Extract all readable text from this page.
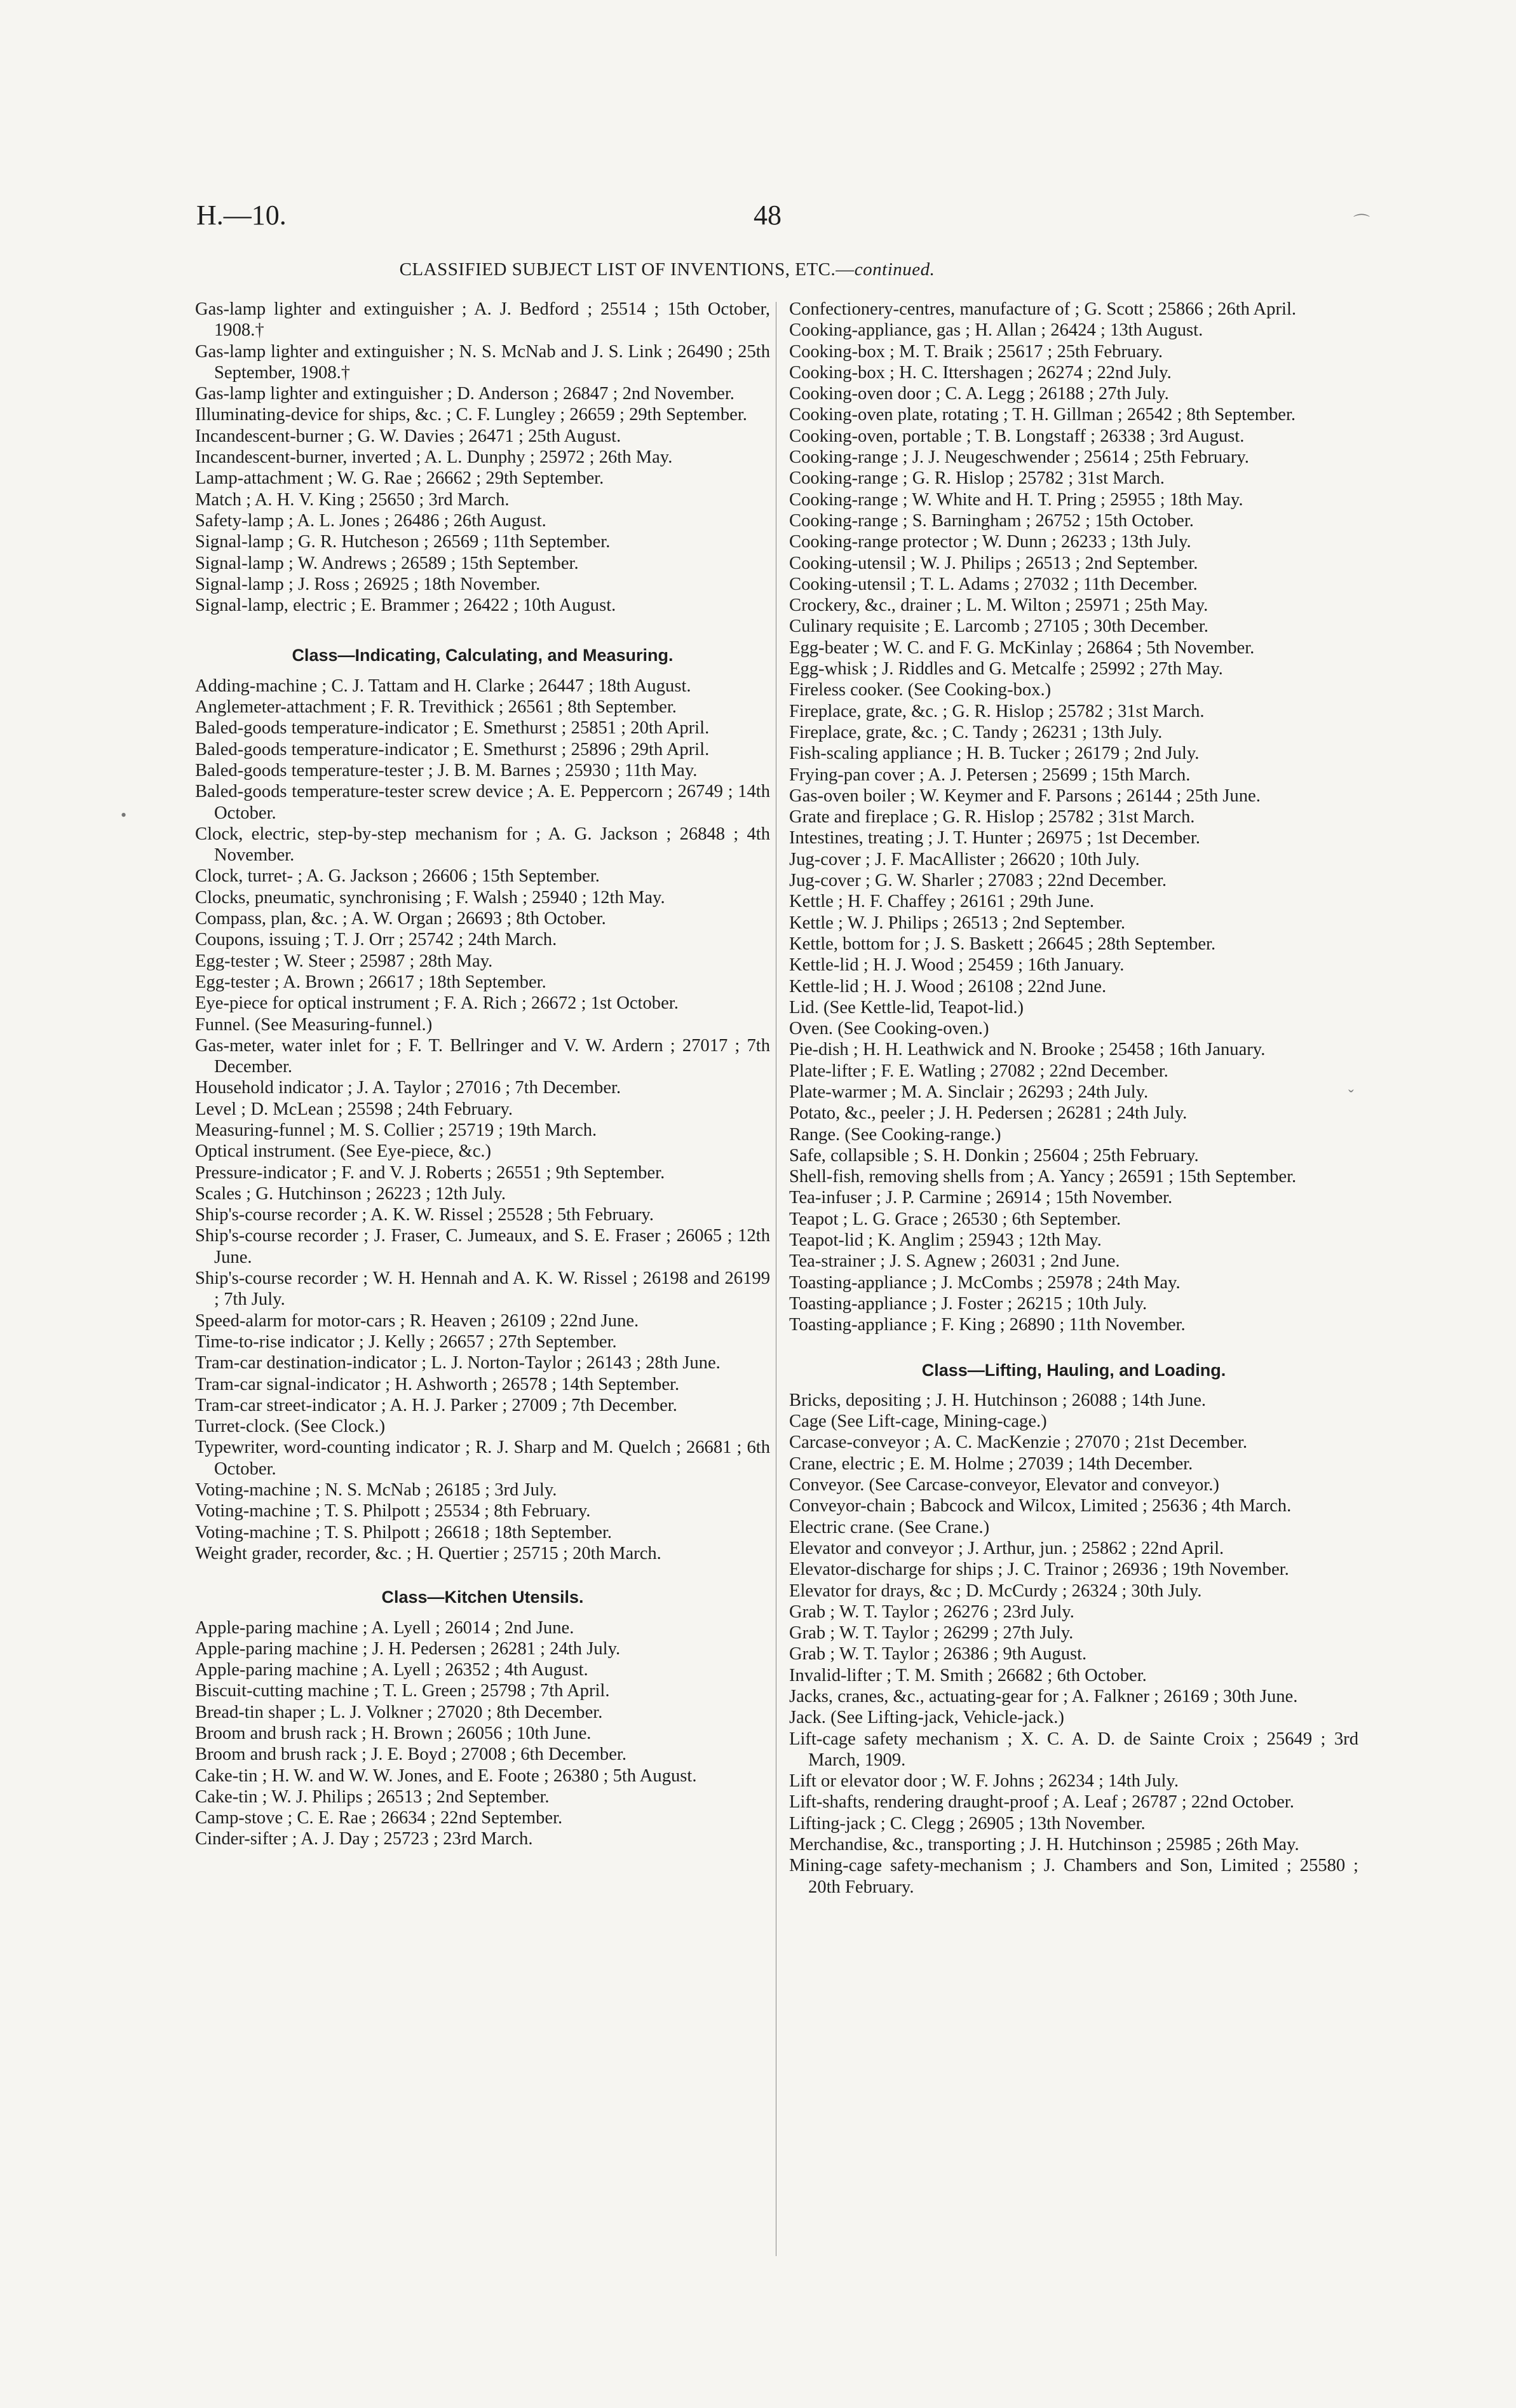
H.—10.	48
CLASSIFIED SUBJECT LIST OF INVENTIONS, ETC.—continued.
⌒
ˇ
•
Gas-lamp lighter and extinguisher ; A. J. Bedford ; 25514 ; 15th October, 1908.†
Gas-lamp lighter and extinguisher ; N. S. McNab and J. S. Link ; 26490 ; 25th September, 1908.†
Gas-lamp lighter and extinguisher ; D. Anderson ; 26847 ; 2nd November.
Illuminating-device for ships, &c. ; C. F. Lungley ; 26659 ; 29th September.
Incandescent-burner ; G. W. Davies ; 26471 ; 25th August.
Incandescent-burner, inverted ; A. L. Dunphy ; 25972 ; 26th May.
Lamp-attachment ; W. G. Rae ; 26662 ; 29th September.
Match ; A. H. V. King ; 25650 ; 3rd March.
Safety-lamp ; A. L. Jones ; 26486 ; 26th August.
Signal-lamp ; G. R. Hutcheson ; 26569 ; 11th September.
Signal-lamp ; W. Andrews ; 26589 ; 15th September.
Signal-lamp ; J. Ross ; 26925 ; 18th November.
Signal-lamp, electric ; E. Brammer ; 26422 ; 10th August.
Class—Indicating, Calculating, and Measuring.
Adding-machine ; C. J. Tattam and H. Clarke ; 26447 ; 18th August.
Anglemeter-attachment ; F. R. Trevithick ; 26561 ; 8th September.
Baled-goods temperature-indicator ; E. Smethurst ; 25851 ; 20th April.
Baled-goods temperature-indicator ; E. Smethurst ; 25896 ; 29th April.
Baled-goods temperature-tester ; J. B. M. Barnes ; 25930 ; 11th May.
Baled-goods temperature-tester screw device ; A. E. Peppercorn ; 26749 ; 14th October.
Clock, electric, step-by-step mechanism for ; A. G. Jackson ; 26848 ; 4th November.
Clock, turret- ; A. G. Jackson ; 26606 ; 15th September.
Clocks, pneumatic, synchronising ; F. Walsh ; 25940 ; 12th May.
Compass, plan, &c. ; A. W. Organ ; 26693 ; 8th October.
Coupons, issuing ; T. J. Orr ; 25742 ; 24th March.
Egg-tester ; W. Steer ; 25987 ; 28th May.
Egg-tester ; A. Brown ; 26617 ; 18th September.
Eye-piece for optical instrument ; F. A. Rich ; 26672 ; 1st October.
Funnel. (See Measuring-funnel.)
Gas-meter, water inlet for ; F. T. Bellringer and V. W. Ardern ; 27017 ; 7th December.
Household indicator ; J. A. Taylor ; 27016 ; 7th December.
Level ; D. McLean ; 25598 ; 24th February.
Measuring-funnel ; M. S. Collier ; 25719 ; 19th March.
Optical instrument. (See Eye-piece, &c.)
Pressure-indicator ; F. and V. J. Roberts ; 26551 ; 9th September.
Scales ; G. Hutchinson ; 26223 ; 12th July.
Ship's-course recorder ; A. K. W. Rissel ; 25528 ; 5th February.
Ship's-course recorder ; J. Fraser, C. Jumeaux, and S. E. Fraser ; 26065 ; 12th June.
Ship's-course recorder ; W. H. Hennah and A. K. W. Rissel ; 26198 and 26199 ; 7th July.
Speed-alarm for motor-cars ; R. Heaven ; 26109 ; 22nd June.
Time-to-rise indicator ; J. Kelly ; 26657 ; 27th September.
Tram-car destination-indicator ; L. J. Norton-Taylor ; 26143 ; 28th June.
Tram-car signal-indicator ; H. Ashworth ; 26578 ; 14th September.
Tram-car street-indicator ; A. H. J. Parker ; 27009 ; 7th December.
Turret-clock. (See Clock.)
Typewriter, word-counting indicator ; R. J. Sharp and M. Quelch ; 26681 ; 6th October.
Voting-machine ; N. S. McNab ; 26185 ; 3rd July.
Voting-machine ; T. S. Philpott ; 25534 ; 8th February.
Voting-machine ; T. S. Philpott ; 26618 ; 18th September.
Weight grader, recorder, &c. ; H. Quertier ; 25715 ; 20th March.
Class—Kitchen Utensils.
Apple-paring machine ; A. Lyell ; 26014 ; 2nd June.
Apple-paring machine ; J. H. Pedersen ; 26281 ; 24th July.
Apple-paring machine ; A. Lyell ; 26352 ; 4th August.
Biscuit-cutting machine ; T. L. Green ; 25798 ; 7th April.
Bread-tin shaper ; L. J. Volkner ; 27020 ; 8th December.
Broom and brush rack ; H. Brown ; 26056 ; 10th June.
Broom and brush rack ; J. E. Boyd ; 27008 ; 6th December.
Cake-tin ; H. W. and W. W. Jones, and E. Foote ; 26380 ; 5th August.
Cake-tin ; W. J. Philips ; 26513 ; 2nd September.
Camp-stove ; C. E. Rae ; 26634 ; 22nd September.
Cinder-sifter ; A. J. Day ; 25723 ; 23rd March.
Confectionery-centres, manufacture of ; G. Scott ; 25866 ; 26th April.
Cooking-appliance, gas ; H. Allan ; 26424 ; 13th August.
Cooking-box ; M. T. Braik ; 25617 ; 25th February.
Cooking-box ; H. C. Ittershagen ; 26274 ; 22nd July.
Cooking-oven door ; C. A. Legg ; 26188 ; 27th July.
Cooking-oven plate, rotating ; T. H. Gillman ; 26542 ; 8th September.
Cooking-oven, portable ; T. B. Longstaff ; 26338 ; 3rd August.
Cooking-range ; J. J. Neugeschwender ; 25614 ; 25th February.
Cooking-range ; G. R. Hislop ; 25782 ; 31st March.
Cooking-range ; W. White and H. T. Pring ; 25955 ; 18th May.
Cooking-range ; S. Barningham ; 26752 ; 15th October.
Cooking-range protector ; W. Dunn ; 26233 ; 13th July.
Cooking-utensil ; W. J. Philips ; 26513 ; 2nd September.
Cooking-utensil ; T. L. Adams ; 27032 ; 11th December.
Crockery, &c., drainer ; L. M. Wilton ; 25971 ; 25th May.
Culinary requisite ; E. Larcomb ; 27105 ; 30th December.
Egg-beater ; W. C. and F. G. McKinlay ; 26864 ; 5th November.
Egg-whisk ; J. Riddles and G. Metcalfe ; 25992 ; 27th May.
Fireless cooker. (See Cooking-box.)
Fireplace, grate, &c. ; G. R. Hislop ; 25782 ; 31st March.
Fireplace, grate, &c. ; C. Tandy ; 26231 ; 13th July.
Fish-scaling appliance ; H. B. Tucker ; 26179 ; 2nd July.
Frying-pan cover ; A. J. Petersen ; 25699 ; 15th March.
Gas-oven boiler ; W. Keymer and F. Parsons ; 26144 ; 25th June.
Grate and fireplace ; G. R. Hislop ; 25782 ; 31st March.
Intestines, treating ; J. T. Hunter ; 26975 ; 1st December.
Jug-cover ; J. F. MacAllister ; 26620 ; 10th July.
Jug-cover ; G. W. Sharler ; 27083 ; 22nd December.
Kettle ; H. F. Chaffey ; 26161 ; 29th June.
Kettle ; W. J. Philips ; 26513 ; 2nd September.
Kettle, bottom for ; J. S. Baskett ; 26645 ; 28th September.
Kettle-lid ; H. J. Wood ; 25459 ; 16th January.
Kettle-lid ; H. J. Wood ; 26108 ; 22nd June.
Lid. (See Kettle-lid, Teapot-lid.)
Oven. (See Cooking-oven.)
Pie-dish ; H. H. Leathwick and N. Brooke ; 25458 ; 16th January.
Plate-lifter ; F. E. Watling ; 27082 ; 22nd December.
Plate-warmer ; M. A. Sinclair ; 26293 ; 24th July.
Potato, &c., peeler ; J. H. Pedersen ; 26281 ; 24th July.
Range. (See Cooking-range.)
Safe, collapsible ; S. H. Donkin ; 25604 ; 25th February.
Shell-fish, removing shells from ; A. Yancy ; 26591 ; 15th September.
Tea-infuser ; J. P. Carmine ; 26914 ; 15th November.
Teapot ; L. G. Grace ; 26530 ; 6th September.
Teapot-lid ; K. Anglim ; 25943 ; 12th May.
Tea-strainer ; J. S. Agnew ; 26031 ; 2nd June.
Toasting-appliance ; J. McCombs ; 25978 ; 24th May.
Toasting-appliance ; J. Foster ; 26215 ; 10th July.
Toasting-appliance ; F. King ; 26890 ; 11th November.
Class—Lifting, Hauling, and Loading.
Bricks, depositing ; J. H. Hutchinson ; 26088 ; 14th June.
Cage (See Lift-cage, Mining-cage.)
Carcase-conveyor ; A. C. MacKenzie ; 27070 ; 21st December.
Crane, electric ; E. M. Holme ; 27039 ; 14th December.
Conveyor. (See Carcase-conveyor, Elevator and conveyor.)
Conveyor-chain ; Babcock and Wilcox, Limited ; 25636 ; 4th March.
Electric crane. (See Crane.)
Elevator and conveyor ; J. Arthur, jun. ; 25862 ; 22nd April.
Elevator-discharge for ships ; J. C. Trainor ; 26936 ; 19th November.
Elevator for drays, &c ; D. McCurdy ; 26324 ; 30th July.
Grab ; W. T. Taylor ; 26276 ; 23rd July.
Grab ; W. T. Taylor ; 26299 ; 27th July.
Grab ; W. T. Taylor ; 26386 ; 9th August.
Invalid-lifter ; T. M. Smith ; 26682 ; 6th October.
Jacks, cranes, &c., actuating-gear for ; A. Falkner ; 26169 ; 30th June.
Jack. (See Lifting-jack, Vehicle-jack.)
Lift-cage safety mechanism ; X. C. A. D. de Sainte Croix ; 25649 ; 3rd March, 1909.
Lift or elevator door ; W. F. Johns ; 26234 ; 14th July.
Lift-shafts, rendering draught-proof ; A. Leaf ; 26787 ; 22nd October.
Lifting-jack ; C. Clegg ; 26905 ; 13th November.
Merchandise, &c., transporting ; J. H. Hutchinson ; 25985 ; 26th May.
Mining-cage safety-mechanism ; J. Chambers and Son, Limited ; 25580 ; 20th February.
